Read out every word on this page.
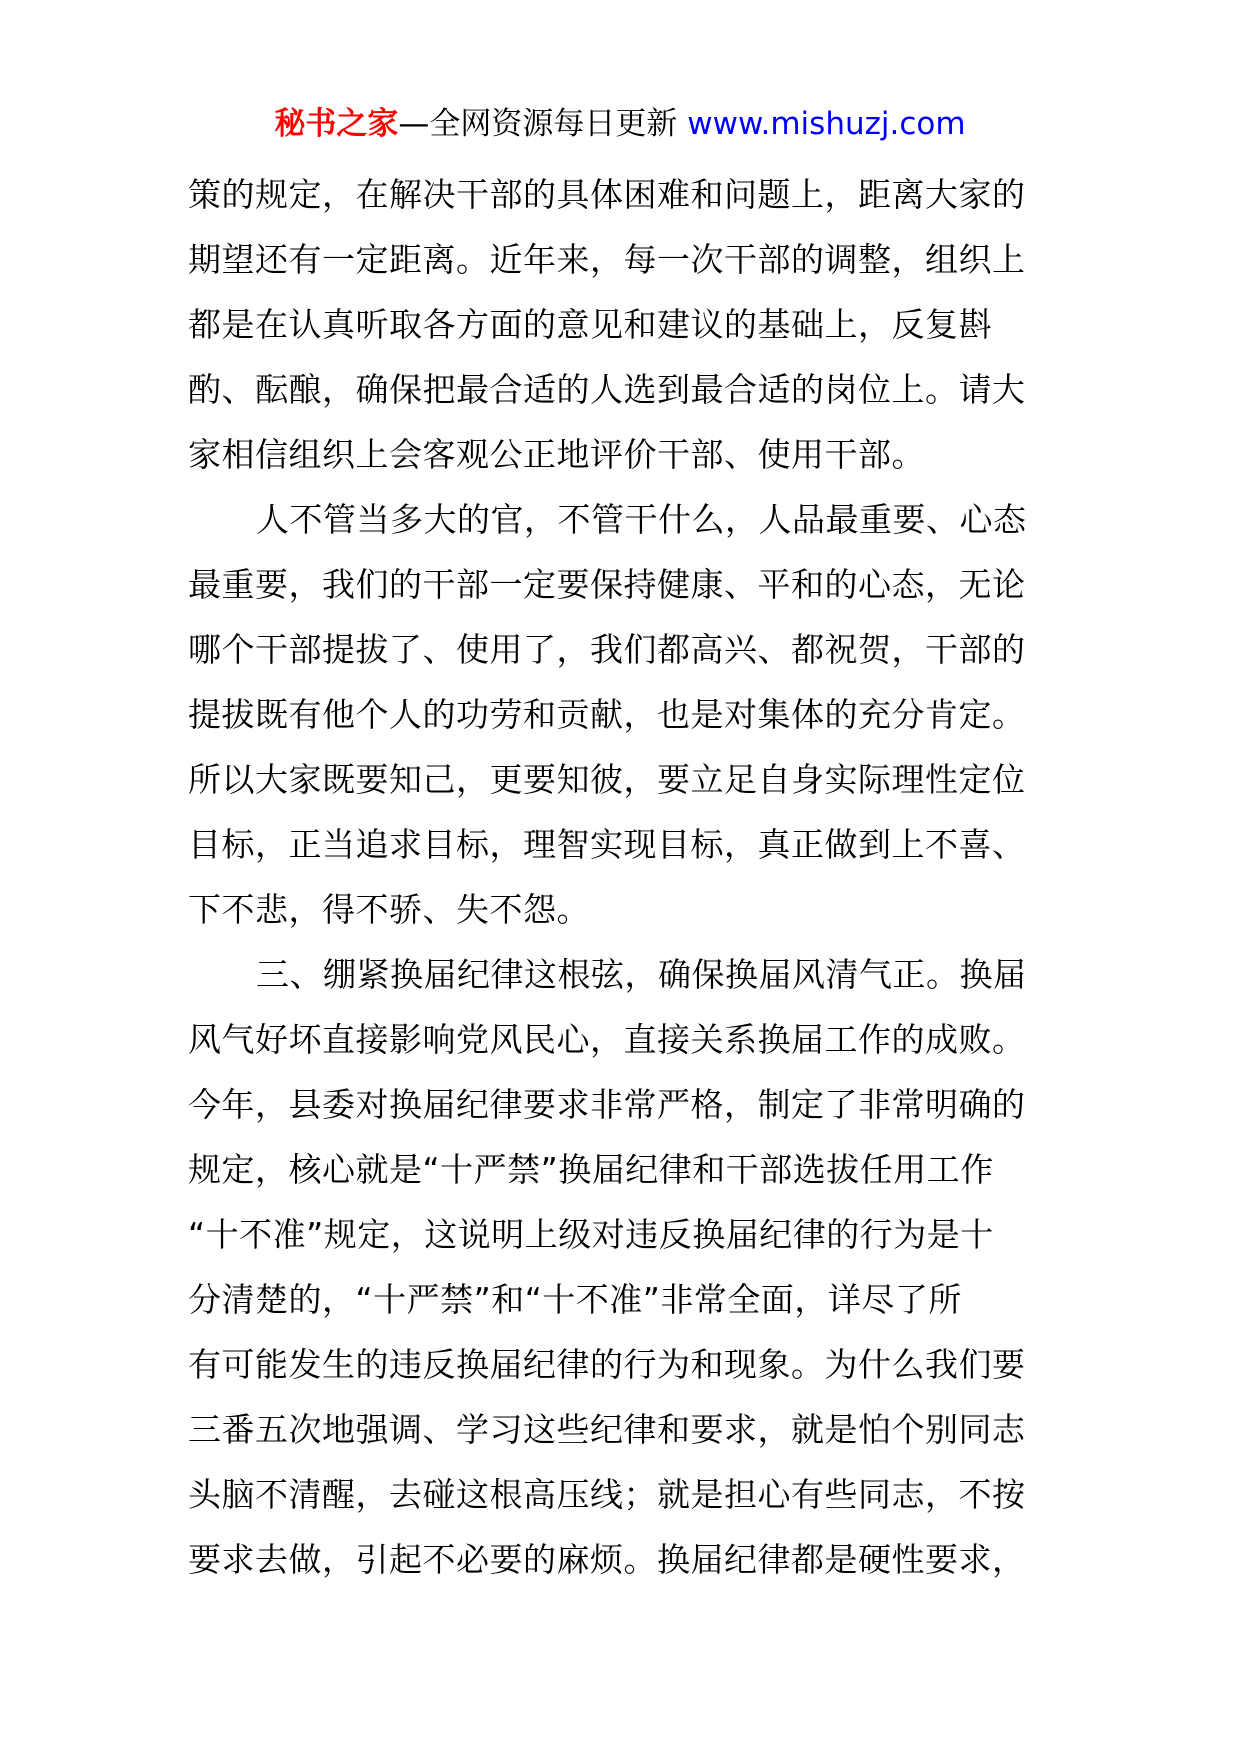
秘书之家—全网资源每日更新 www.mishuzj.com
策的规定，在解决干部的具体困难和问题上，距离大家的
期望还有一定距离。近年来，每一次干部的调整，组织上
都是在认真听取各方面的意见和建议的基础上，反复斟
酌、酝酿，确保把最合适的人选到最合适的岗位上。请大
家相信组织上会客观公正地评价干部、使用干部。
人不管当多大的官，不管干什么，人品最重要、心态
最重要，我们的干部一定要保持健康、平和的心态，无论
哪个干部提拔了、使用了，我们都高兴、都祝贺，干部的
提拔既有他个人的功劳和贡献，也是对集体的充分肯定。
所以大家既要知己，更要知彼，要立足自身实际理性定位
目标，正当追求目标，理智实现目标，真正做到上不喜、
下不悲，得不骄、失不怨。
三、绷紧换届纪律这根弦，确保换届风清气正。换届
风气好坏直接影响党风民心，直接关系换届工作的成败。
今年，县委对换届纪律要求非常严格，制定了非常明确的
规定，核心就是“十严禁”换届纪律和干部选拔任用工作
“十不准”规定，这说明上级对违反换届纪律的行为是十
分清楚的，“十严禁”和“十不准”非常全面，详尽了所
有可能发生的违反换届纪律的行为和现象。为什么我们要
三番五次地强调、学习这些纪律和要求，就是怕个别同志
头脑不清醒，去碰这根高压线；就是担心有些同志，不按
要求去做，引起不必要的麻烦。换届纪律都是硬性要求，
